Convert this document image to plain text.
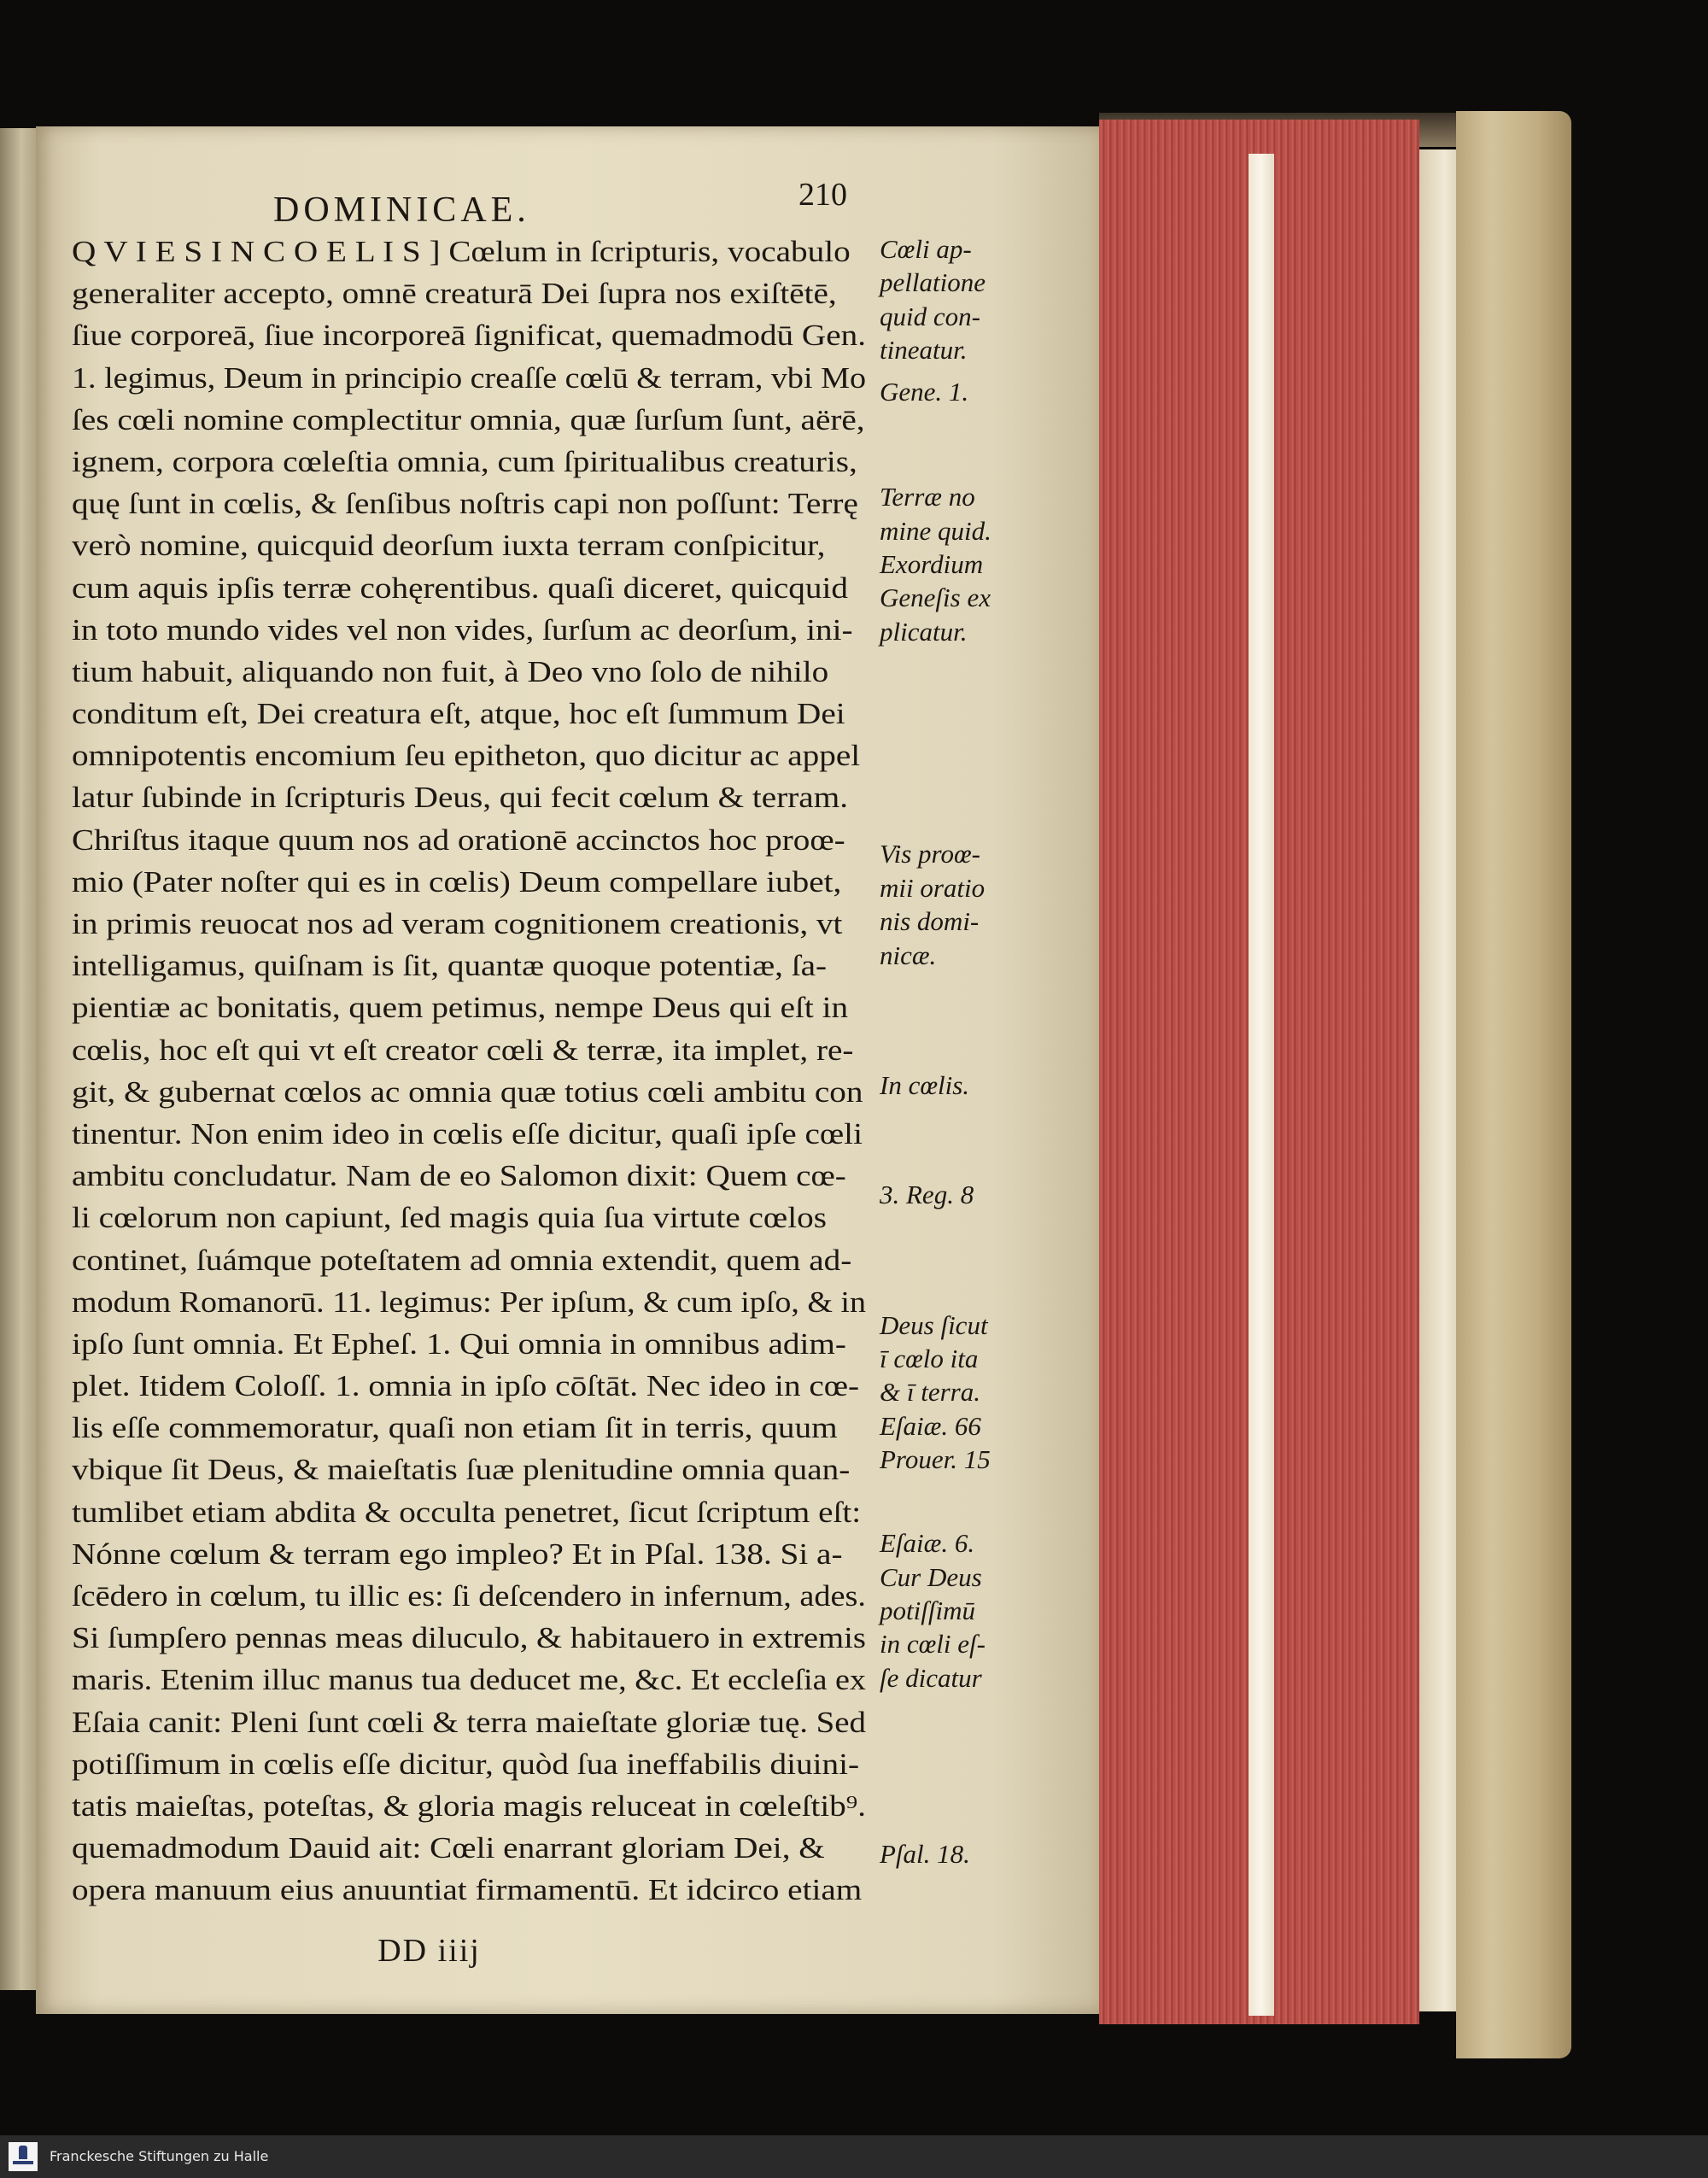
DOMINICAE.	210
Q V I E S I N C O E L I S ] Cœlum in ſcripturis, vocabulo
generaliter accepto, omnē creaturā Dei ſupra nos exiſtētē,
ſiue corporeā, ſiue incorporeā ſignificat, quemadmodū Gen.
1. legimus, Deum in principio creaſſe cœlū & terram, vbi Mo
ſes cœli nomine complectitur omnia, quæ ſurſum ſunt, aërē,
ignem, corpora cœleſtia omnia, cum ſpiritualibus creaturis,
quę ſunt in cœlis, & ſenſibus noſtris capi non poſſunt: Terrę
verò nomine, quicquid deorſum iuxta terram conſpicitur,
cum aquis ipſis terræ cohęrentibus. quaſi diceret, quicquid
in toto mundo vides vel non vides, ſurſum ac deorſum, ini-
tium habuit, aliquando non fuit, à Deo vno ſolo de nihilo
conditum eſt, Dei creatura eſt, atque, hoc eſt ſummum Dei
omnipotentis encomium ſeu epitheton, quo dicitur ac appel
latur ſubinde in ſcripturis Deus, qui fecit cœlum & terram.
Chriſtus itaque quum nos ad orationē accinctos hoc proœ-
mio (Pater noſter qui es in cœlis) Deum compellare iubet,
in primis reuocat nos ad veram cognitionem creationis, vt
intelligamus, quiſnam is ſit, quantæ quoque potentiæ, ſa-
pientiæ ac bonitatis, quem petimus, nempe Deus qui eſt in
cœlis, hoc eſt qui vt eſt creator cœli & terræ, ita implet, re-
git, & gubernat cœlos ac omnia quæ totius cœli ambitu con
tinentur. Non enim ideo in cœlis eſſe dicitur, quaſi ipſe cœli
ambitu concludatur. Nam de eo Salomon dixit: Quem cœ-
li cœlorum non capiunt, ſed magis quia ſua virtute cœlos
continet, ſuámque poteſtatem ad omnia extendit, quem ad-
modum Romanorū. 11. legimus: Per ipſum, & cum ipſo, & in
ipſo ſunt omnia. Et Epheſ. 1. Qui omnia in omnibus adim-
plet. Itidem Coloſſ. 1. omnia in ipſo cōſtāt. Nec ideo in cœ-
lis eſſe commemoratur, quaſi non etiam ſit in terris, quum
vbique ſit Deus, & maieſtatis ſuæ plenitudine omnia quan-
tumlibet etiam abdita & occulta penetret, ſicut ſcriptum eſt:
Nónne cœlum & terram ego impleo? Et in Pſal. 138. Si a-
ſcēdero in cœlum, tu illic es: ſi deſcendero in infernum, ades.
Si ſumpſero pennas meas diluculo, & habitauero in extremis
maris. Etenim illuc manus tua deducet me, &c. Et eccleſia ex
Eſaia canit: Pleni ſunt cœli & terra maieſtate gloriæ tuę. Sed
potiſſimum in cœlis eſſe dicitur, quòd ſua ineffabilis diuini-
tatis maieſtas, poteſtas, & gloria magis reluceat in cœleſtib⁹.
quemadmodum Dauid ait: Cœli enarrant gloriam Dei, &
opera manuum eius anuuntiat firmamentū. Et idcirco etiam
Cœli ap-
pellatione
quid con-
tineatur.
Gene. 1.
Terræ no
mine quid.
Exordium
Geneſis ex
plicatur.
Vis proœ-
mii oratio
nis domi-
nicæ.
In cœlis.
3. Reg. 8
Deus ſicut
ī cœlo ita
& ī terra.
Eſaiæ. 66
Prouer. 15
Eſaiæ. 6.
Cur Deus
potiſſimū
in cœli eſ-
ſe dicatur
Pſal. 18.
DD iiij
Franckesche Stiftungen zu Halle
